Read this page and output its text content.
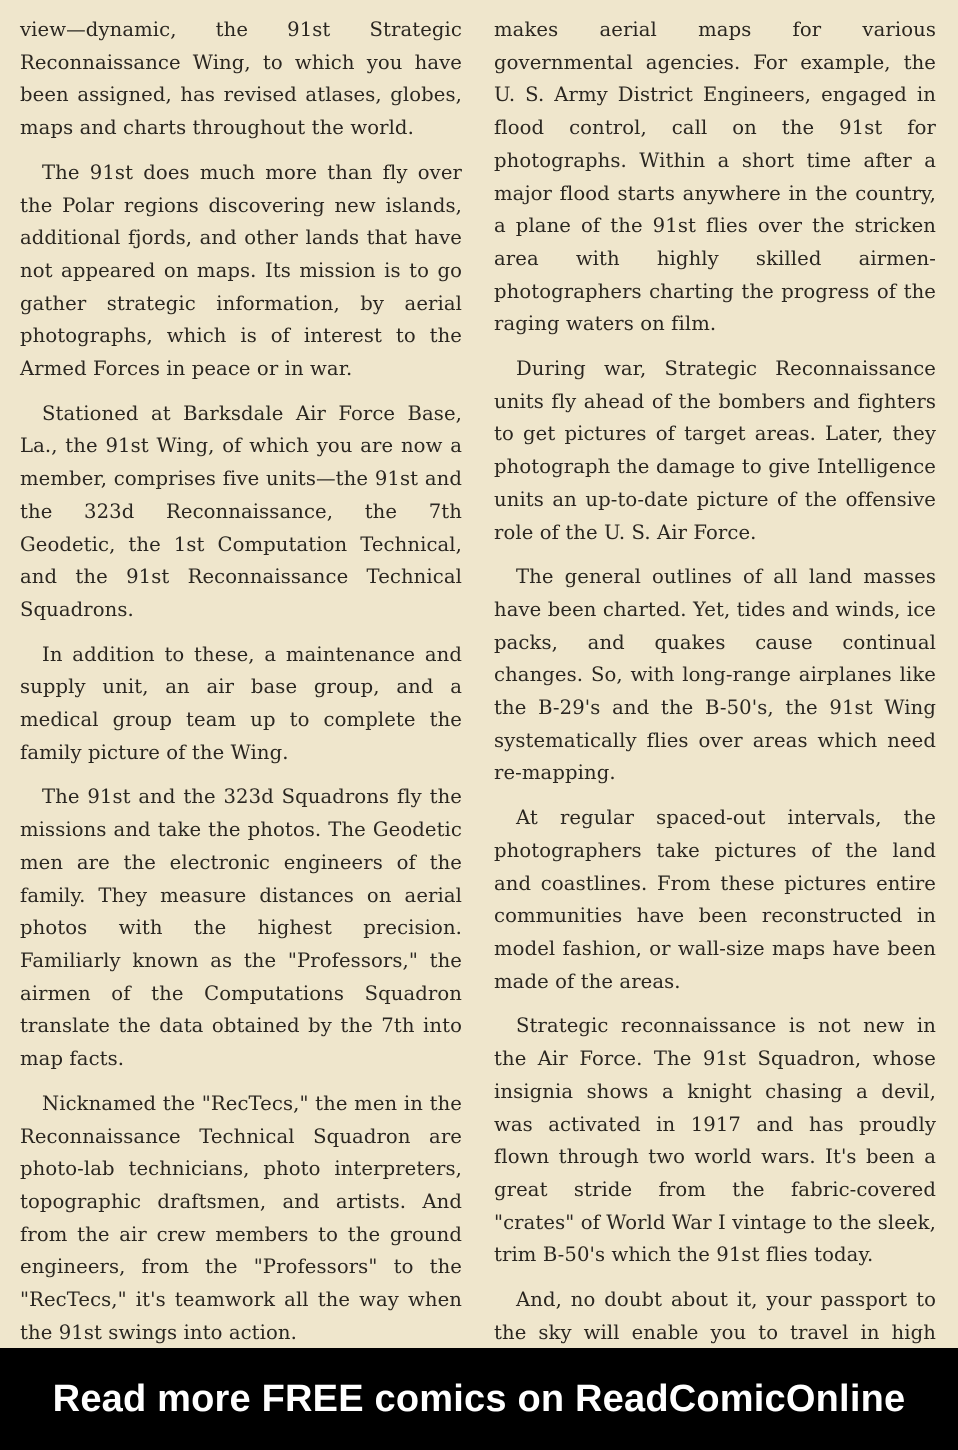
view—dynamic, the 91st Strategic Reconnaissance Wing, to which you have been assigned, has revised atlases, globes, maps and charts throughout the world.

The 91st does much more than fly over the Polar regions discovering new islands, additional fjords, and other lands that have not appeared on maps. Its mission is to go gather strategic information, by aerial photographs, which is of interest to the Armed Forces in peace or in war.

Stationed at Barksdale Air Force Base, La., the 91st Wing, of which you are now a member, comprises five units—the 91st and the 323d Reconnaissance, the 7th Geodetic, the 1st Computation Technical, and the 91st Reconnaissance Technical Squadrons.

In addition to these, a maintenance and supply unit, an air base group, and a medical group team up to complete the family picture of the Wing.

The 91st and the 323d Squadrons fly the missions and take the photos. The Geodetic men are the electronic engineers of the family. They measure distances on aerial photos with the highest precision. Familiarly known as the "Professors," the airmen of the Computations Squadron translate the data obtained by the 7th into map facts.

Nicknamed the "RecTecs," the men in the Reconnaissance Technical Squadron are photo-lab technicians, photo interpreters, topographic draftsmen, and artists. And from the air crew members to the ground engineers, from the "Professors" to the "RecTecs," it's teamwork all the way when the 91st swings into action.

makes aerial maps for various governmental agencies. For example, the U. S. Army District Engineers, engaged in flood control, call on the 91st for photographs. Within a short time after a major flood starts anywhere in the country, a plane of the 91st flies over the stricken area with highly skilled airmen-photographers charting the progress of the raging waters on film.

During war, Strategic Reconnaissance units fly ahead of the bombers and fighters to get pictures of target areas. Later, they photograph the damage to give Intelligence units an up-to-date picture of the offensive role of the U. S. Air Force.

The general outlines of all land masses have been charted. Yet, tides and winds, ice packs, and quakes cause continual changes. So, with long-range airplanes like the B-29's and the B-50's, the 91st Wing systematically flies over areas which need re-mapping.

At regular spaced-out intervals, the photographers take pictures of the land and coastlines. From these pictures entire communities have been reconstructed in model fashion, or wall-size maps have been made of the areas.

Strategic reconnaissance is not new in the Air Force. The 91st Squadron, whose insignia shows a knight chasing a devil, was activated in 1917 and has proudly flown through two world wars. It's been a great stride from the fabric-covered "crates" of World War I vintage to the sleek, trim B-50's which the 91st flies today.

And, no doubt about it, your passport to the sky will enable you to travel in high

Read more FREE comics on ReadComicOnline
